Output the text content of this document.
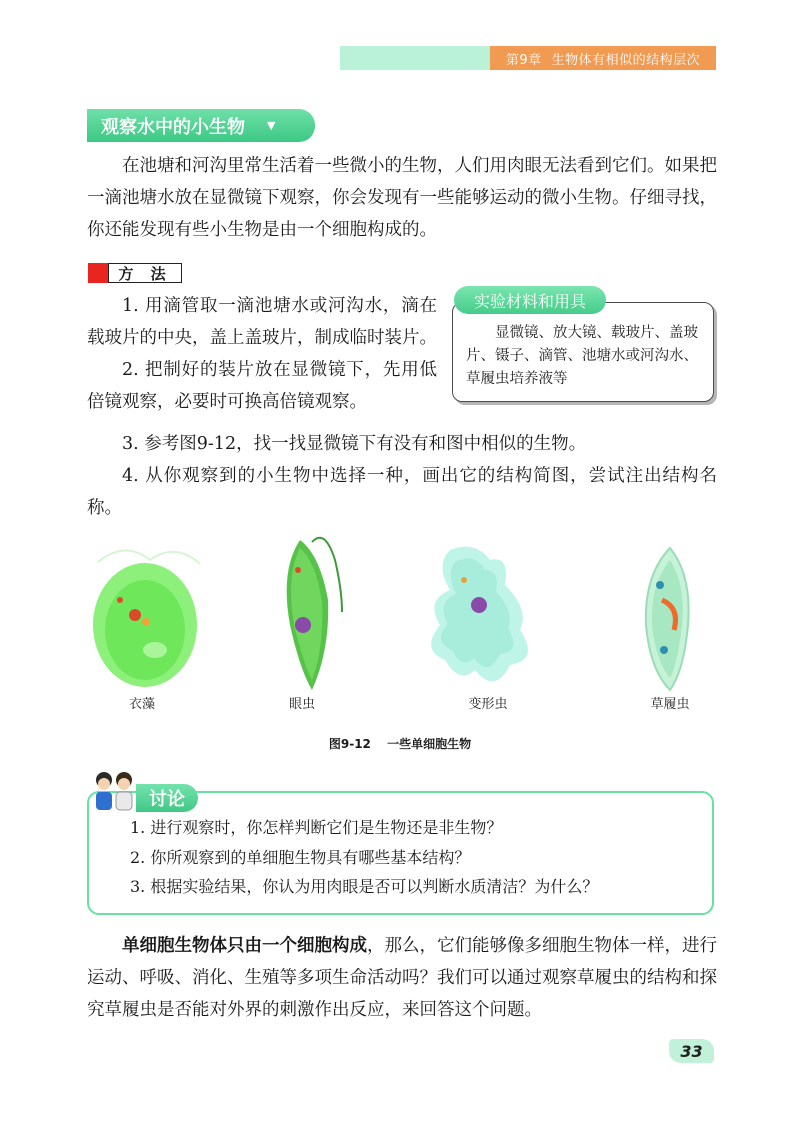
第9章 生物体有相似的结构层次
观察水中的小生物 ▼

在池塘和河沟里常生活着一些微小的生物，人们用肉眼无法看到它们。如果把一滴池塘水放在显微镜下观察，你会发现有一些能够运动的微小生物。仔细寻找，你还能发现有些小生物是由一个细胞构成的。

方 法
1. 用滴管取一滴池塘水或河沟水，滴在载玻片的中央，盖上盖玻片，制成临时装片。
2. 把制好的装片放在显微镜下，先用低倍镜观察，必要时可换高倍镜观察。
3. 参考图9-12，找一找显微镜下有没有和图中相似的生物。
4. 从你观察到的小生物中选择一种，画出它的结构简图，尝试注出结构名称。
实验材料和用具
显微镜、放大镜、载玻片、盖玻片、镊子、滴管、池塘水或河沟水、草履虫培养液等
衣藻	眼虫	变形虫	草履虫
图9-12 一些单细胞生物
讨论
1. 进行观察时，你怎样判断它们是生物还是非生物？
2. 你所观察到的单细胞生物具有哪些基本结构？
3. 根据实验结果，你认为用肉眼是否可以判断水质清洁？为什么？

单细胞生物体只由一个细胞构成，那么，它们能够像多细胞生物体一样，进行运动、呼吸、消化、生殖等多项生命活动吗？我们可以通过观察草履虫的结构和探究草履虫是否能对外界的刺激作出反应，来回答这个问题。

33
